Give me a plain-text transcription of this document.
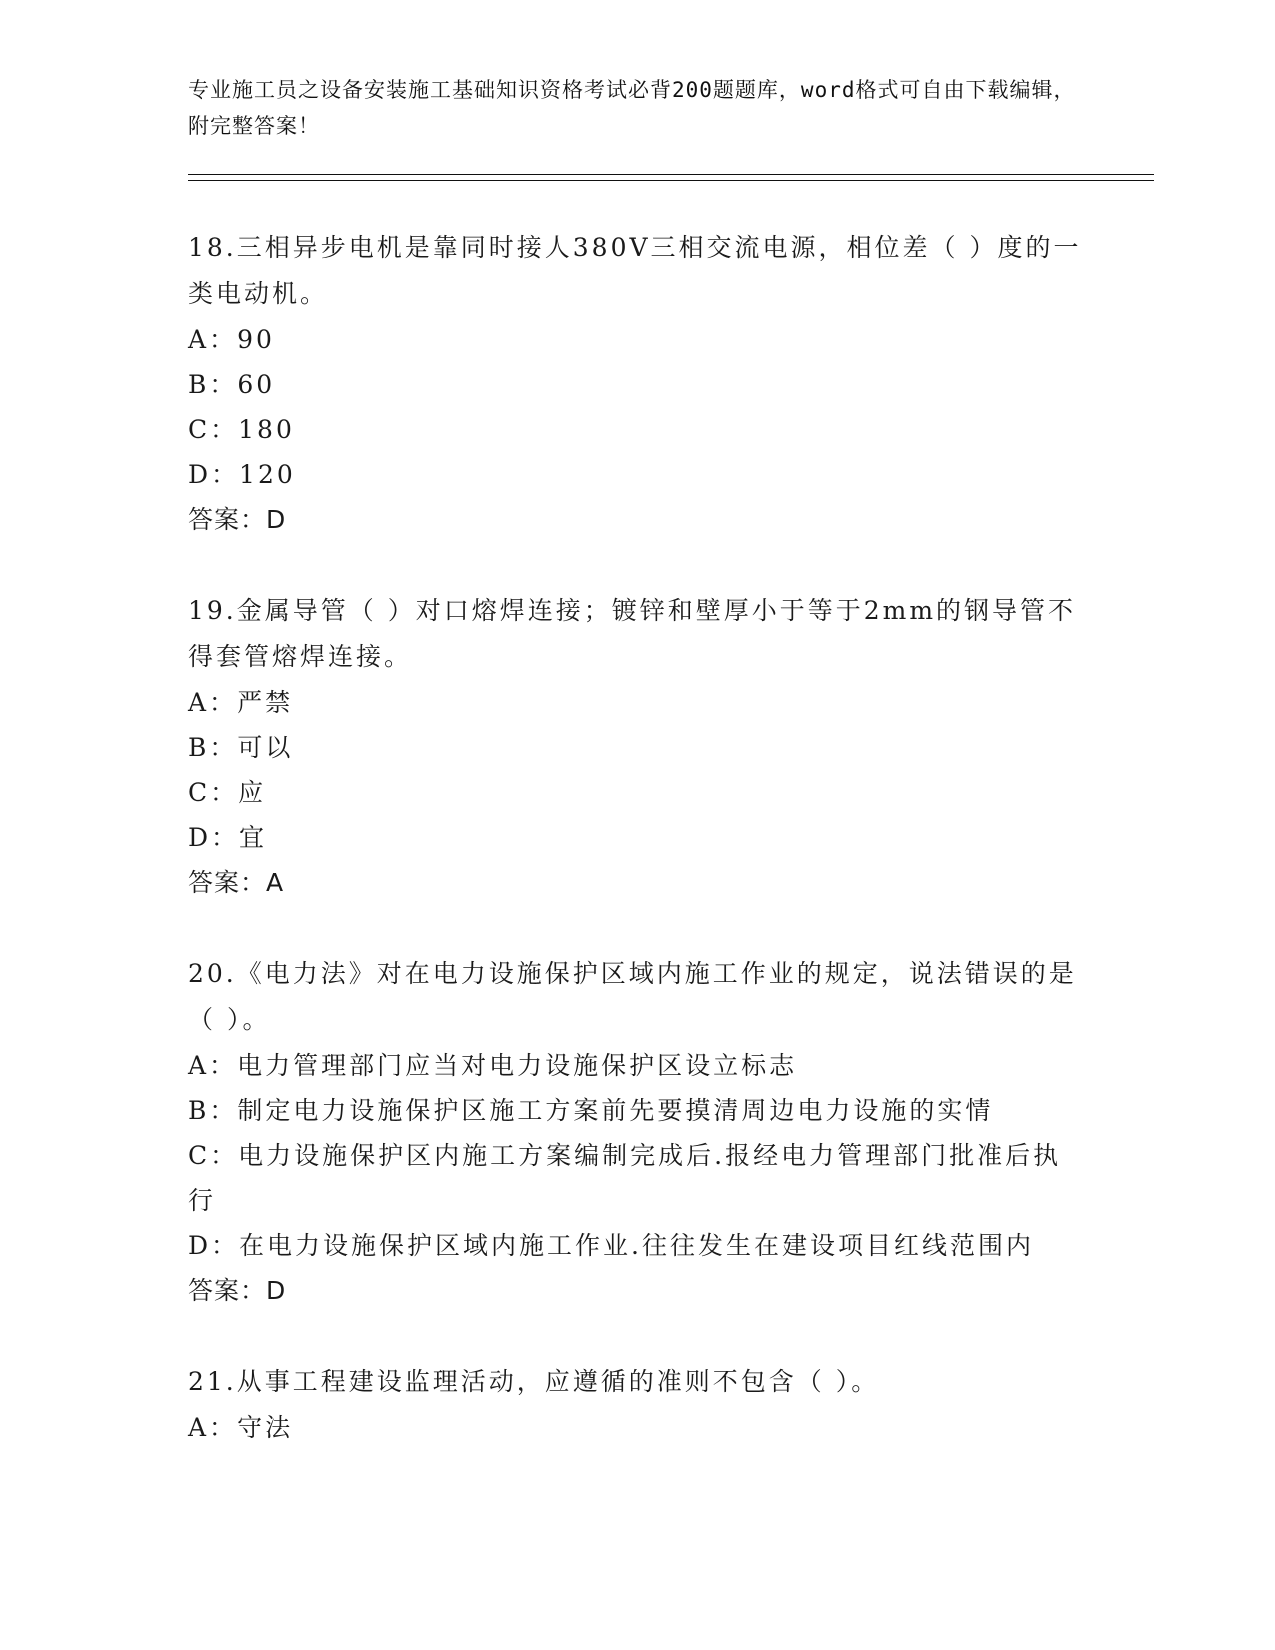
专业施工员之设备安装施工基础知识资格考试必背200题题库，word格式可自由下载编辑，附完整答案！
18.三相异步电机是靠同时接人380V三相交流电源，相位差（ ）度的一类电动机。
A：90
B：60
C：180
D：120
答案：D
19.金属导管（ ）对口熔焊连接；镀锌和壁厚小于等于2mm的钢导管不得套管熔焊连接。
A：严禁
B：可以
C：应
D：宜
答案：A
20.《电力法》对在电力设施保护区域内施工作业的规定，说法错误的是（ ）。
A：电力管理部门应当对电力设施保护区设立标志
B：制定电力设施保护区施工方案前先要摸清周边电力设施的实情
C：电力设施保护区内施工方案编制完成后.报经电力管理部门批准后执行
D：在电力设施保护区域内施工作业.往往发生在建设项目红线范围内
答案：D
21.从事工程建设监理活动，应遵循的准则不包含（ ）。
A：守法
